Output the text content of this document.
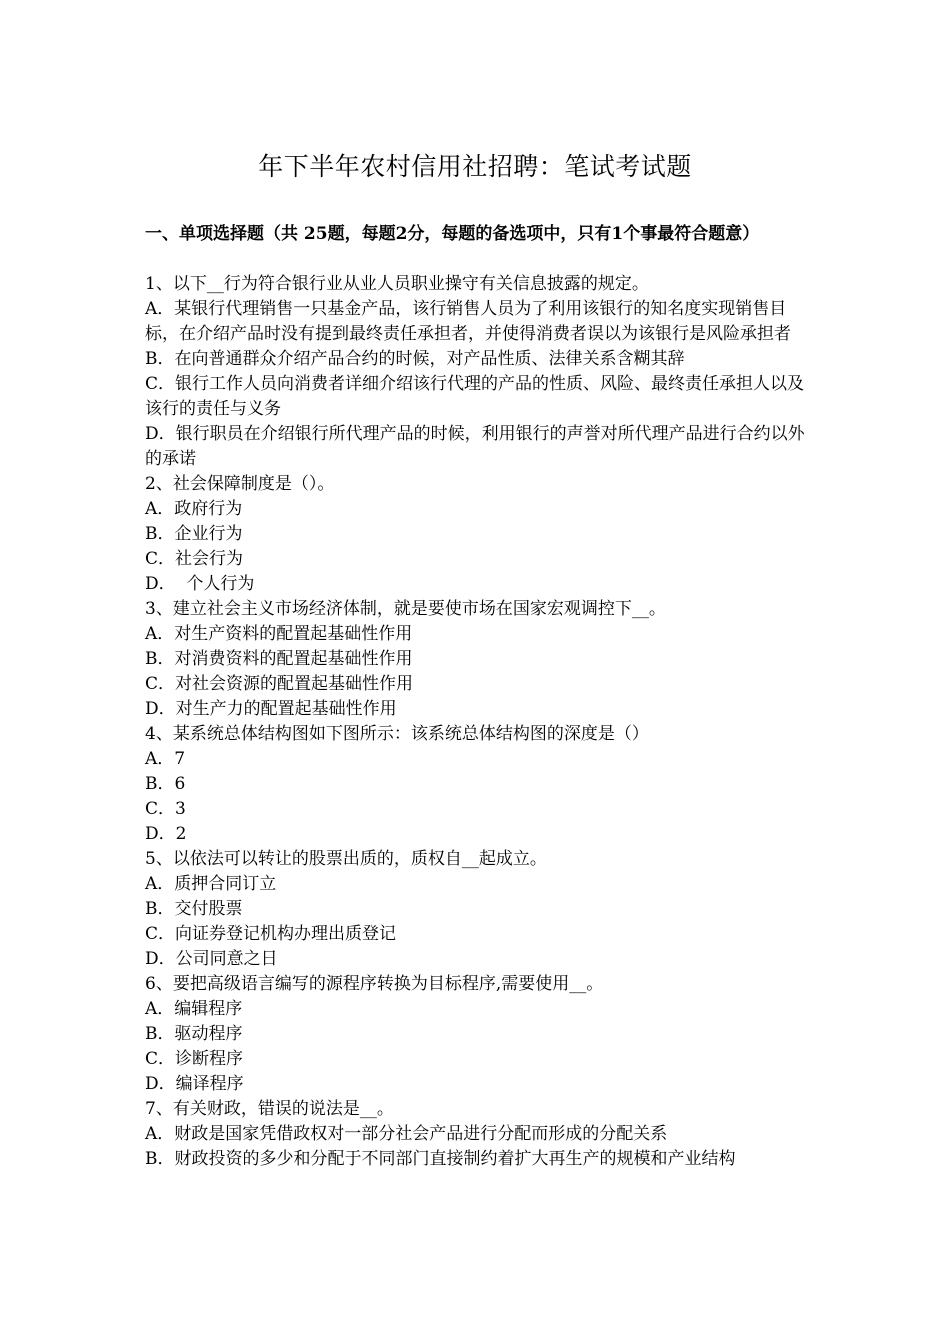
年下半年农村信用社招聘：笔试考试题
一、单项选择题（共 25题，每题2分，每题的备选项中，只有1个事最符合题意）

1、以下__行为符合银行业从业人员职业操守有关信息披露的规定。

A．某银行代理销售一只基金产品，该行销售人员为了利用该银行的知名度实现销售目标，在介绍产品时没有提到最终责任承担者，并使得消费者误以为该银行是风险承担者

B．在向普通群众介绍产品合约的时候，对产品性质、法律关系含糊其辞

C．银行工作人员向消费者详细介绍该行代理的产品的性质、风险、最终责任承担人以及该行的责任与义务

D．银行职员在介绍银行所代理产品的时候，利用银行的声誉对所代理产品进行合约以外的承诺

2、社会保障制度是（）。

A．政府行为

B．企业行为

C．社会行为

D．  个人行为

3、建立社会主义市场经济体制，就是要使市场在国家宏观调控下__。

A．对生产资料的配置起基础性作用

B．对消费资料的配置起基础性作用

C．对社会资源的配置起基础性作用

D．对生产力的配置起基础性作用

4、某系统总体结构图如下图所示：该系统总体结构图的深度是（）

A．7

B．6

C．3

D．2

5、以依法可以转让的股票出质的，质权自__起成立。

A．质押合同订立

B．交付股票

C．向证券登记机构办理出质登记

D．公司同意之日

6、要把高级语言编写的源程序转换为目标程序,需要使用__。

A．编辑程序

B．驱动程序

C．诊断程序

D．编译程序

7、有关财政，错误的说法是__。

A．财政是国家凭借政权对一部分社会产品进行分配而形成的分配关系

B．财政投资的多少和分配于不同部门直接制约着扩大再生产的规模和产业结构
